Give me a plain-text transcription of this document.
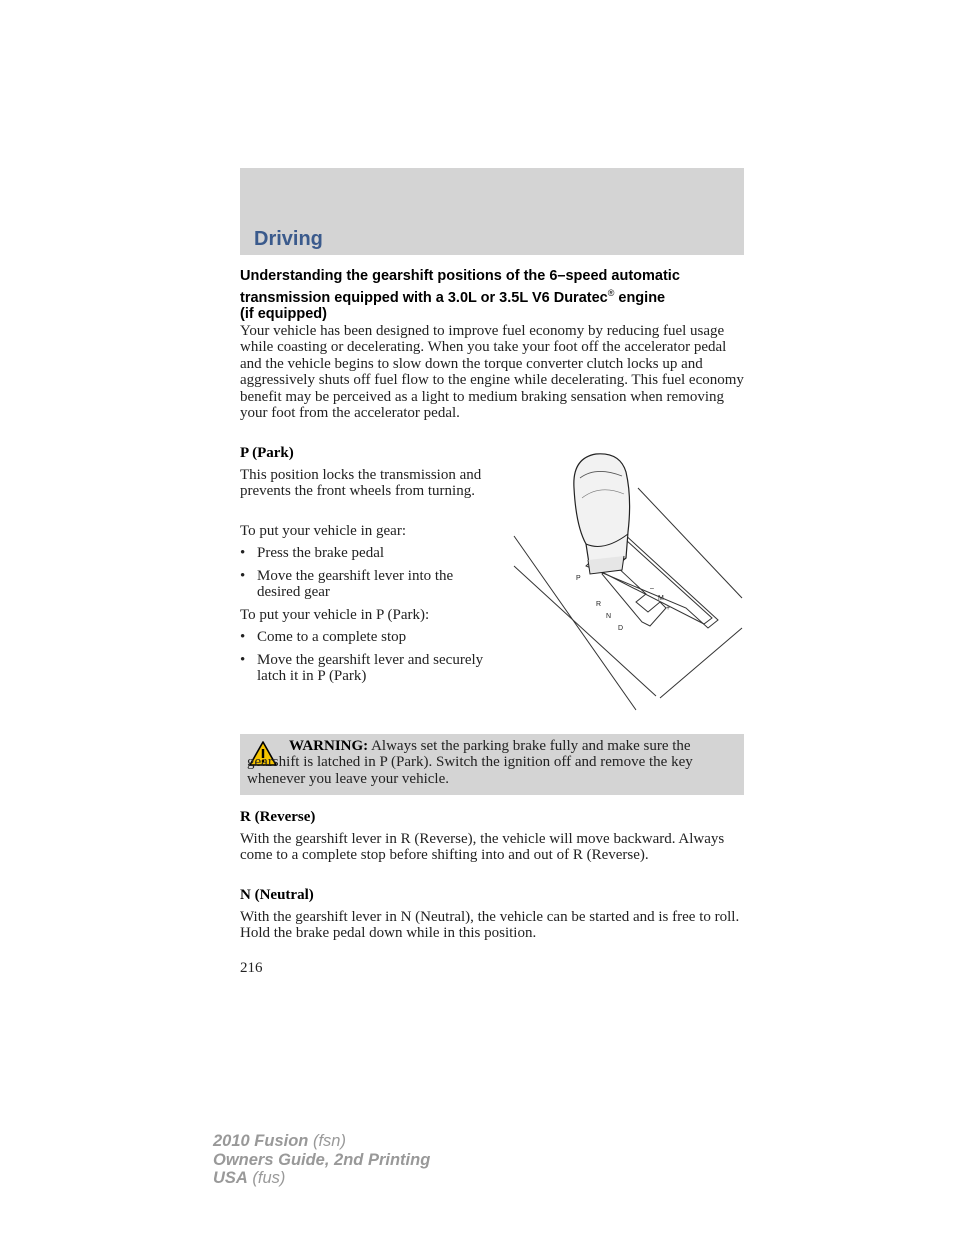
Driving
Understanding the gearshift positions of the 6–speed automatic
transmission equipped with a 3.0L or 3.5L V6 Duratec® engine
(if equipped)
Your vehicle has been designed to improve fuel economy by reducing fuel usage while coasting or decelerating. When you take your foot off the accelerator pedal and the vehicle begins to slow down the torque converter clutch locks up and aggressively shuts off fuel flow to the engine while decelerating. This fuel economy benefit may be perceived as a light to medium braking sensation when removing your foot from the accelerator pedal.
P (Park)
This position locks the transmission and prevents the front wheels from turning.
To put your vehicle in gear:
• Press the brake pedal
• Move the gearshift lever into the desired gear
To put your vehicle in P (Park):
• Come to a complete stop
• Move the gearshift lever and securely latch it in P (Park)
P
R
N
D
–
M
+
WARNING: Always set the parking brake fully and make sure the gearshift is latched in P (Park). Switch the ignition off and remove the key whenever you leave your vehicle.
R (Reverse)
With the gearshift lever in R (Reverse), the vehicle will move backward. Always come to a complete stop before shifting into and out of R (Reverse).
N (Neutral)
With the gearshift lever in N (Neutral), the vehicle can be started and is free to roll. Hold the brake pedal down while in this position.
216
2010 Fusion (fsn)
Owners Guide, 2nd Printing
USA (fus)
